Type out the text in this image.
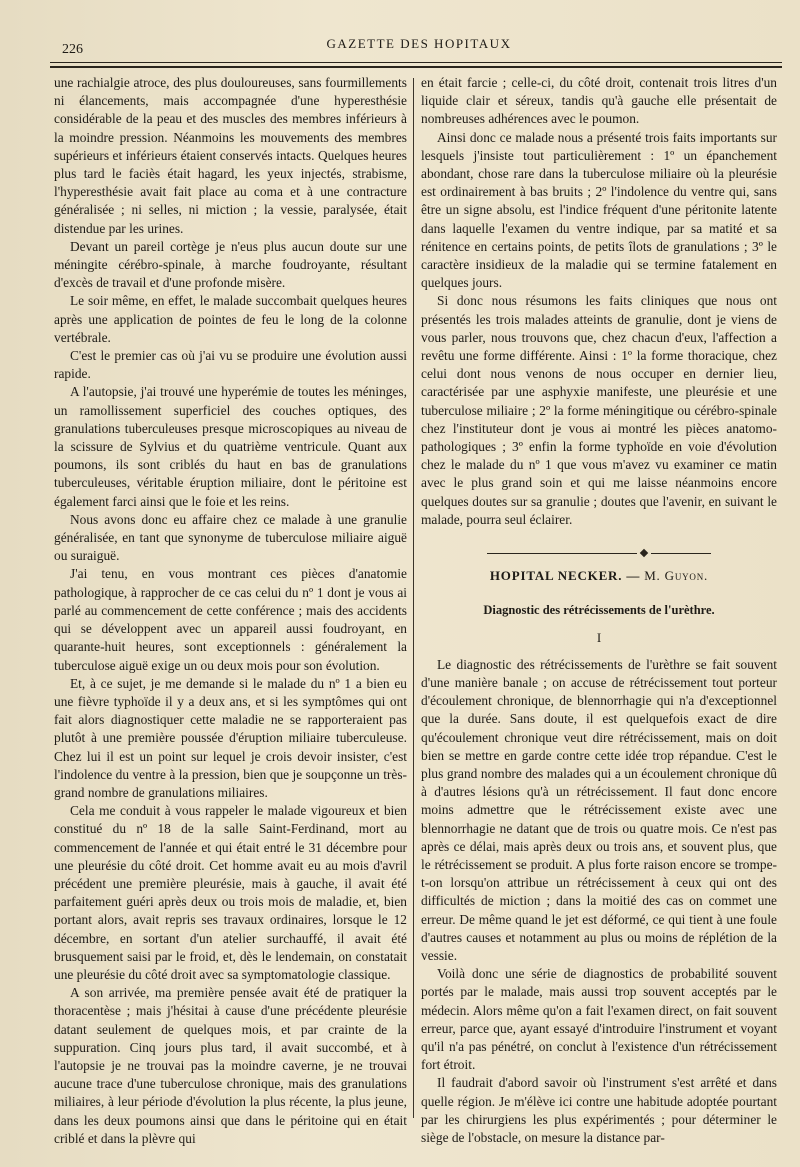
226	GAZETTE DES HOPITAUX

une rachialgie atroce, des plus douloureuses, sans fourmillements ni élancements, mais accompagnée d'une hyperesthésie considérable de la peau et des muscles des membres inférieurs à la moindre pression. Néanmoins les mouvements des membres supérieurs et inférieurs étaient conservés intacts. Quelques heures plus tard le faciès était hagard, les yeux injectés, strabisme, l'hyperesthésie avait fait place au coma et à une contracture généralisée ; ni selles, ni miction ; la vessie, paralysée, était distendue par les urines.

Devant un pareil cortège je n'eus plus aucun doute sur une méningite cérébro-spinale, à marche foudroyante, résultant d'excès de travail et d'une profonde misère.

Le soir même, en effet, le malade succombait quelques heures après une application de pointes de feu le long de la colonne vertébrale.

C'est le premier cas où j'ai vu se produire une évolution aussi rapide.

A l'autopsie, j'ai trouvé une hyperémie de toutes les méninges, un ramollissement superficiel des couches optiques, des granulations tuberculeuses presque microscopiques au niveau de la scissure de Sylvius et du quatrième ventricule. Quant aux poumons, ils sont criblés du haut en bas de granulations tuberculeuses, véritable éruption miliaire, dont le péritoine est également farci ainsi que le foie et les reins.

Nous avons donc eu affaire chez ce malade à une granulie généralisée, en tant que synonyme de tuberculose miliaire aiguë ou suraiguë.

J'ai tenu, en vous montrant ces pièces d'anatomie pathologique, à rapprocher de ce cas celui du nº 1 dont je vous ai parlé au commencement de cette conférence ; mais des accidents qui se développent avec un appareil aussi foudroyant, en quarante-huit heures, sont exceptionnels : généralement la tuberculose aiguë exige un ou deux mois pour son évolution.

Et, à ce sujet, je me demande si le malade du nº 1 a bien eu une fièvre typhoïde il y a deux ans, et si les symptômes qui ont fait alors diagnostiquer cette maladie ne se rapporteraient pas plutôt à une première poussée d'éruption miliaire tuberculeuse. Chez lui il est un point sur lequel je crois devoir insister, c'est l'indolence du ventre à la pression, bien que je soupçonne un très-grand nombre de granulations miliaires.

Cela me conduit à vous rappeler le malade vigoureux et bien constitué du nº 18 de la salle Saint-Ferdinand, mort au commencement de l'année et qui était entré le 31 décembre pour une pleurésie du côté droit. Cet homme avait eu au mois d'avril précédent une première pleurésie, mais à gauche, il avait été parfaitement guéri après deux ou trois mois de maladie, et, bien portant alors, avait repris ses travaux ordinaires, lorsque le 12 décembre, en sortant d'un atelier surchauffé, il avait été brusquement saisi par le froid, et, dès le lendemain, on constatait une pleurésie du côté droit avec sa symptomatologie classique.

A son arrivée, ma première pensée avait été de pratiquer la thoracentèse ; mais j'hésitai à cause d'une précédente pleurésie datant seulement de quelques mois, et par crainte de la suppuration. Cinq jours plus tard, il avait succombé, et à l'autopsie je ne trouvai pas la moindre caverne, je ne trouvai aucune trace d'une tuberculose chronique, mais des granulations miliaires, à leur période d'évolution la plus récente, la plus jeune, dans les deux poumons ainsi que dans le péritoine qui en était criblé et dans la plèvre qui

en était farcie ; celle-ci, du côté droit, contenait trois litres d'un liquide clair et séreux, tandis qu'à gauche elle présentait de nombreuses adhérences avec le poumon.

Ainsi donc ce malade nous a présenté trois faits importants sur lesquels j'insiste tout particulièrement : 1º un épanchement abondant, chose rare dans la tuberculose miliaire où la pleurésie est ordinairement à bas bruits ; 2º l'indolence du ventre qui, sans être un signe absolu, est l'indice fréquent d'une péritonite latente dans laquelle l'examen du ventre indique, par sa matité et sa rénitence en certains points, de petits îlots de granulations ; 3º le caractère insidieux de la maladie qui se termine fatalement en quelques jours.

Si donc nous résumons les faits cliniques que nous ont présentés les trois malades atteints de granulie, dont je viens de vous parler, nous trouvons que, chez chacun d'eux, l'affection a revêtu une forme différente. Ainsi : 1º la forme thoracique, chez celui dont nous venons de nous occuper en dernier lieu, caractérisée par une asphyxie manifeste, une pleurésie et une tuberculose miliaire ; 2º la forme méningitique ou cérébro-spinale chez l'instituteur dont je vous ai montré les pièces anatomo-pathologiques ; 3º enfin la forme typhoïde en voie d'évolution chez le malade du nº 1 que vous m'avez vu examiner ce matin avec le plus grand soin et qui me laisse néanmoins encore quelques doutes sur sa granulie ; doutes que l'avenir, en suivant le malade, pourra seul éclairer.

HOPITAL NECKER. — M. Guyon.
Diagnostic des rétrécissements de l'urèthre.
I

Le diagnostic des rétrécissements de l'urèthre se fait souvent d'une manière banale ; on accuse de rétrécissement tout porteur d'écoulement chronique, de blennorrhagie qui n'a d'exceptionnel que la durée. Sans doute, il est quelquefois exact de dire qu'écoulement chronique veut dire rétrécissement, mais on doit bien se mettre en garde contre cette idée trop répandue. C'est le plus grand nombre des malades qui a un écoulement chronique dû à d'autres lésions qu'à un rétrécissement. Il faut donc encore moins admettre que le rétrécissement existe avec une blennorrhagie ne datant que de trois ou quatre mois. Ce n'est pas après ce délai, mais après deux ou trois ans, et souvent plus, que le rétrécissement se produit. A plus forte raison encore se trompe-t-on lorsqu'on attribue un rétrécissement à ceux qui ont des difficultés de miction ; dans la moitié des cas on commet une erreur. De même quand le jet est déformé, ce qui tient à une foule d'autres causes et notamment au plus ou moins de réplétion de la vessie.

Voilà donc une série de diagnostics de probabilité souvent portés par le malade, mais aussi trop souvent acceptés par le médecin. Alors même qu'on a fait l'examen direct, on fait souvent erreur, parce que, ayant essayé d'introduire l'instrument et voyant qu'il n'a pas pénétré, on conclut à l'existence d'un rétrécissement fort étroit.

Il faudrait d'abord savoir où l'instrument s'est arrêté et dans quelle région. Je m'élève ici contre une habitude adoptée pourtant par les chirurgiens les plus expérimentés ; pour déterminer le siège de l'obstacle, on mesure la distance par-
